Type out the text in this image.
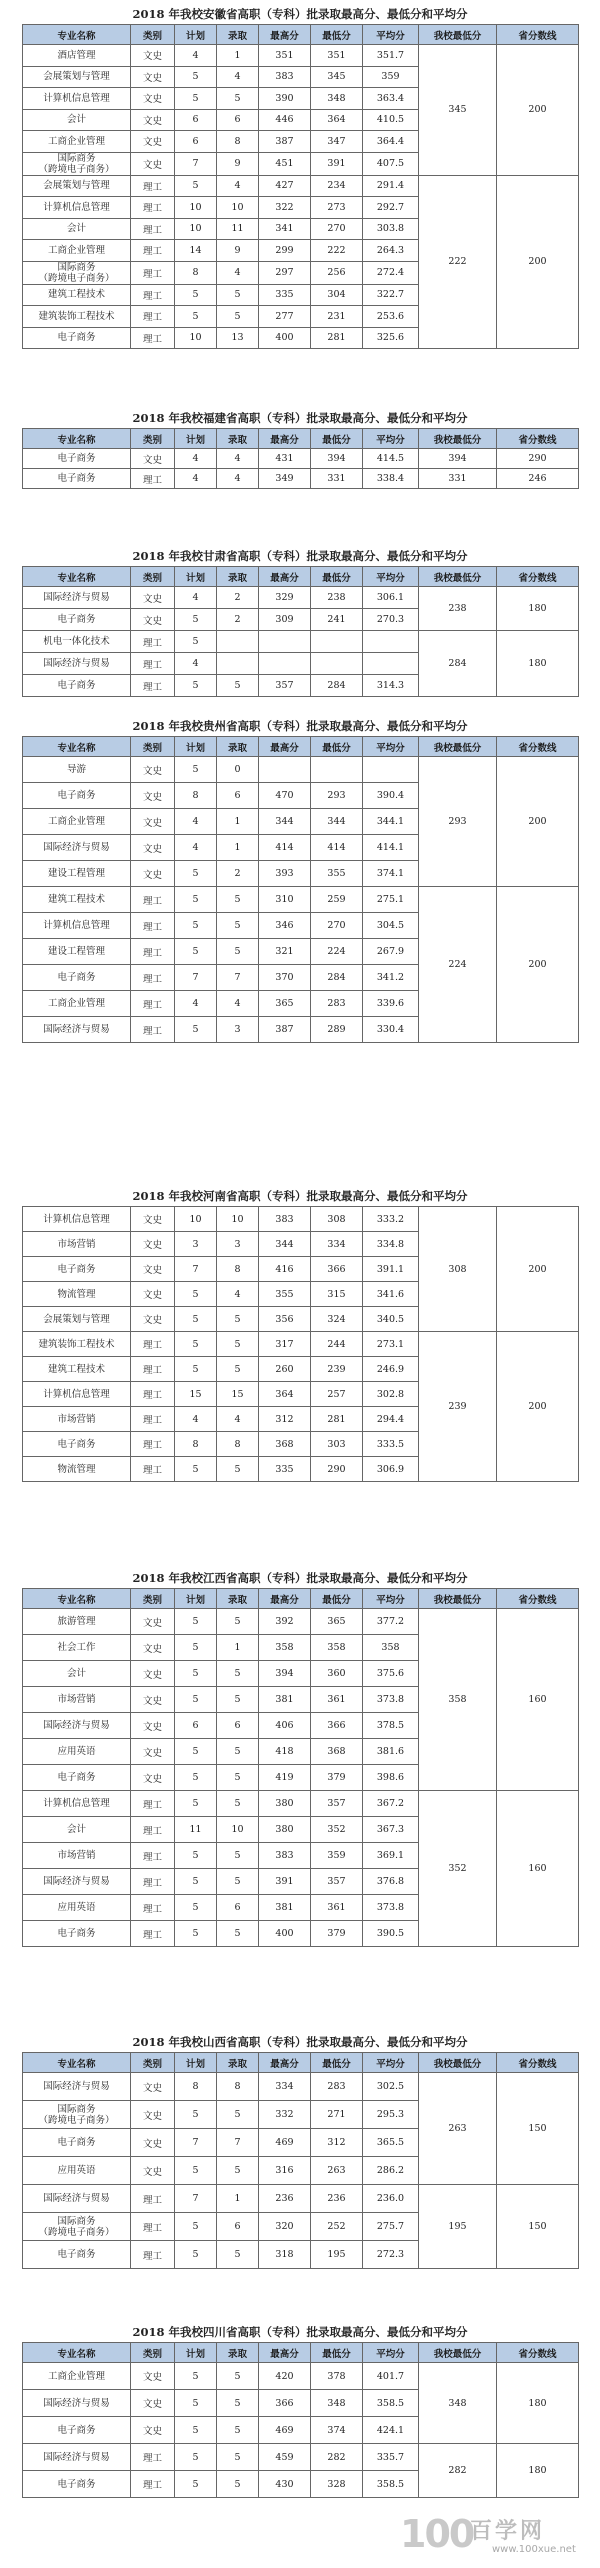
2018 年我校安徽省高职（专科）批录取最高分、最低分和平均分
专业名称	类别	计划	录取	最高分	最低分	平均分	我校最低分	省分数线
酒店管理	文史	4	1	351	351	351.7	345	200
会展策划与管理	文史	5	4	383	345	359		
计算机信息管理	文史	5	5	390	348	363.4		
会计	文史	6	6	446	364	410.5		
工商企业管理	文史	6	8	387	347	364.4		
国际商务
（跨境电子商务）	文史	7	9	451	391	407.5		
会展策划与管理	理工	5	4	427	234	291.4	222	200
计算机信息管理	理工	10	10	322	273	292.7		
会计	理工	10	11	341	270	303.8		
工商企业管理	理工	14	9	299	222	264.3		
国际商务
（跨境电子商务）	理工	8	4	297	256	272.4		
建筑工程技术	理工	5	5	335	304	322.7		
建筑装饰工程技术	理工	5	5	277	231	253.6		
电子商务	理工	10	13	400	281	325.6		
2018 年我校福建省高职（专科）批录取最高分、最低分和平均分
专业名称	类别	计划	录取	最高分	最低分	平均分	我校最低分	省分数线
电子商务	文史	4	4	431	394	414.5	394	290
电子商务	理工	4	4	349	331	338.4	331	246
2018 年我校甘肃省高职（专科）批录取最高分、最低分和平均分
专业名称	类别	计划	录取	最高分	最低分	平均分	我校最低分	省分数线
国际经济与贸易	文史	4	2	329	238	306.1	238	180
电子商务	文史	5	2	309	241	270.3		
机电一体化技术	理工	5					284	180
国际经济与贸易	理工	4						
电子商务	理工	5	5	357	284	314.3		
2018 年我校贵州省高职（专科）批录取最高分、最低分和平均分
专业名称	类别	计划	录取	最高分	最低分	平均分	我校最低分	省分数线
导游	文史	5	0				293	200
电子商务	文史	8	6	470	293	390.4		
工商企业管理	文史	4	1	344	344	344.1		
国际经济与贸易	文史	4	1	414	414	414.1		
建设工程管理	文史	5	2	393	355	374.1		
建筑工程技术	理工	5	5	310	259	275.1	224	200
计算机信息管理	理工	5	5	346	270	304.5		
建设工程管理	理工	5	5	321	224	267.9		
电子商务	理工	7	7	370	284	341.2		
工商企业管理	理工	4	4	365	283	339.6		
国际经济与贸易	理工	5	3	387	289	330.4		
2018 年我校河南省高职（专科）批录取最高分、最低分和平均分
计算机信息管理	文史	10	10	383	308	333.2	308	200
市场营销	文史	3	3	344	334	334.8		
电子商务	文史	7	8	416	366	391.1		
物流管理	文史	5	4	355	315	341.6		
会展策划与管理	文史	5	5	356	324	340.5		
建筑装饰工程技术	理工	5	5	317	244	273.1	239	200
建筑工程技术	理工	5	5	260	239	246.9		
计算机信息管理	理工	15	15	364	257	302.8		
市场营销	理工	4	4	312	281	294.4		
电子商务	理工	8	8	368	303	333.5		
物流管理	理工	5	5	335	290	306.9		
2018 年我校江西省高职（专科）批录取最高分、最低分和平均分
专业名称	类别	计划	录取	最高分	最低分	平均分	我校最低分	省分数线
旅游管理	文史	5	5	392	365	377.2	358	160
社会工作	文史	5	1	358	358	358		
会计	文史	5	5	394	360	375.6		
市场营销	文史	5	5	381	361	373.8		
国际经济与贸易	文史	6	6	406	366	378.5		
应用英语	文史	5	5	418	368	381.6		
电子商务	文史	5	5	419	379	398.6		
计算机信息管理	理工	5	5	380	357	367.2	352	160
会计	理工	11	10	380	352	367.3		
市场营销	理工	5	5	383	359	369.1		
国际经济与贸易	理工	5	5	391	357	376.8		
应用英语	理工	5	6	381	361	373.8		
电子商务	理工	5	5	400	379	390.5		
2018 年我校山西省高职（专科）批录取最高分、最低分和平均分
专业名称	类别	计划	录取	最高分	最低分	平均分	我校最低分	省分数线
国际经济与贸易	文史	8	8	334	283	302.5	263	150
国际商务
（跨境电子商务）	文史	5	5	332	271	295.3		
电子商务	文史	7	7	469	312	365.5		
应用英语	文史	5	5	316	263	286.2		
国际经济与贸易	理工	7	1	236	236	236.0	195	150
国际商务
（跨境电子商务）	理工	5	6	320	252	275.7		
电子商务	理工	5	5	318	195	272.3		
2018 年我校四川省高职（专科）批录取最高分、最低分和平均分
专业名称	类别	计划	录取	最高分	最低分	平均分	我校最低分	省分数线
工商企业管理	文史	5	5	420	378	401.7	348	180
国际经济与贸易	文史	5	5	366	348	358.5		
电子商务	文史	5	5	469	374	424.1		
国际经济与贸易	理工	5	5	459	282	335.7	282	180
电子商务	理工	5	5	430	328	358.5		
100
百学网
www.100xue.net
